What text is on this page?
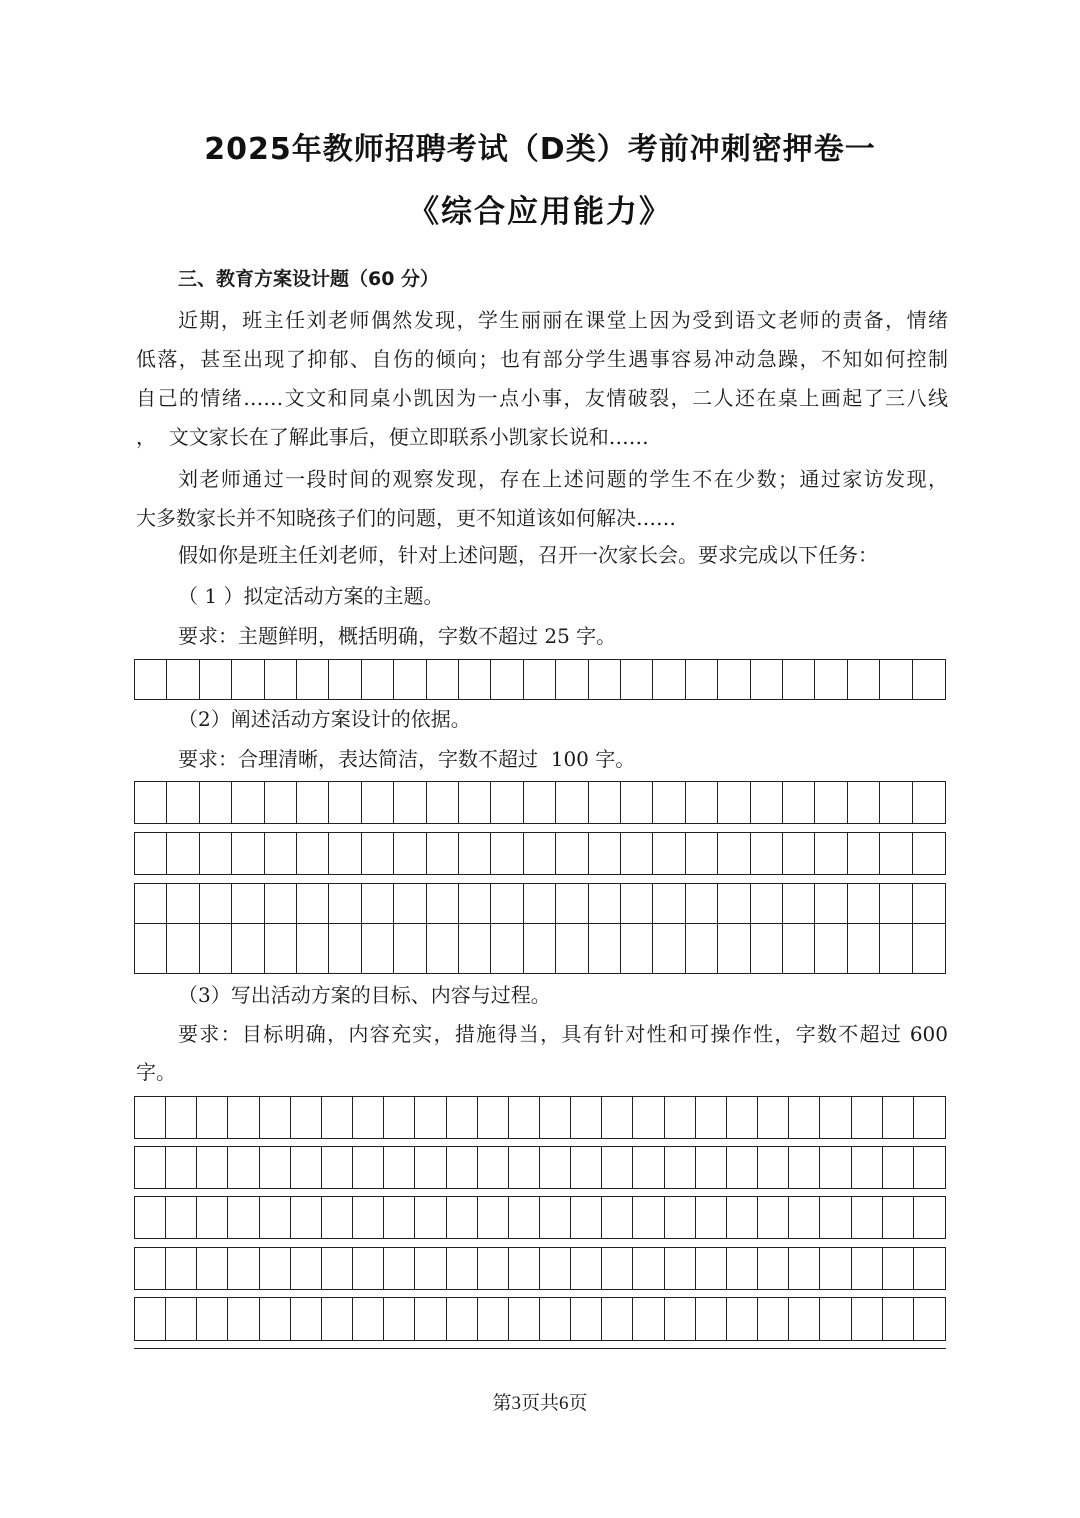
2025年教师招聘考试（D类）考前冲刺密押卷一
《综合应用能力》
三、教育方案设计题（60 分）
近期，班主任刘老师偶然发现，学生丽丽在课堂上因为受到语文老师的责备，情绪
低落，甚至出现了抑郁、自伤的倾向；也有部分学生遇事容易冲动急躁，不知如何控制
自己的情绪……文文和同桌小凯因为一点小事，友情破裂，二人还在桌上画起了三八线
，  文文家长在了解此事后，便立即联系小凯家长说和……
刘老师通过一段时间的观察发现，存在上述问题的学生不在少数；通过家访发现，
大多数家长并不知晓孩子们的问题，更不知道该如何解决……
假如你是班主任刘老师，针对上述问题，召开一次家长会。要求完成以下任务：
（ 1 ）拟定活动方案的主题。
要求：主题鲜明，概括明确，字数不超过 25 字。
（2）阐述活动方案设计的依据。
要求：合理清晰，表达简洁，字数不超过  100 字。
（3）写出活动方案的目标、内容与过程。
要求：目标明确，内容充实，措施得当，具有针对性和可操作性，字数不超过 600
字。
第3页共6页
